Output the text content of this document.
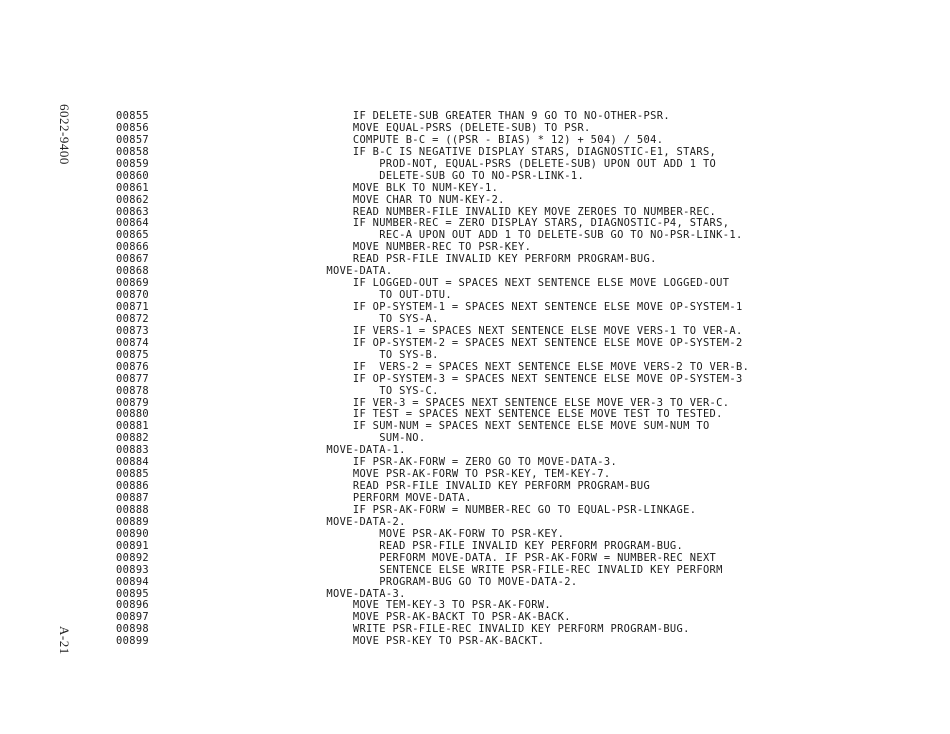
6022-9400
A-21
00855	IF DELETE-SUB GREATER THAN 9 GO TO NO-OTHER-PSR.
00856	MOVE EQUAL-PSRS (DELETE-SUB) TO PSR.
00857	COMPUTE B-C = ((PSR - BIAS) * 12) + 504) / 504.
00858	IF B-C IS NEGATIVE DISPLAY STARS, DIAGNOSTIC-E1, STARS,
00859	PROD-NOT, EQUAL-PSRS (DELETE-SUB) UPON OUT ADD 1 TO
00860	DELETE-SUB GO TO NO-PSR-LINK-1.
00861	MOVE BLK TO NUM-KEY-1.
00862	MOVE CHAR TO NUM-KEY-2.
00863	READ NUMBER-FILE INVALID KEY MOVE ZEROES TO NUMBER-REC.
00864	IF NUMBER-REC = ZERO DISPLAY STARS, DIAGNOSTIC-P4, STARS,
00865	REC-A UPON OUT ADD 1 TO DELETE-SUB GO TO NO-PSR-LINK-1.
00866	MOVE NUMBER-REC TO PSR-KEY.
00867	READ PSR-FILE INVALID KEY PERFORM PROGRAM-BUG.
00868	MOVE-DATA.
00869	IF LOGGED-OUT = SPACES NEXT SENTENCE ELSE MOVE LOGGED-OUT
00870	TO OUT-DTU.
00871	IF OP-SYSTEM-1 = SPACES NEXT SENTENCE ELSE MOVE OP-SYSTEM-1
00872	TO SYS-A.
00873	IF VERS-1 = SPACES NEXT SENTENCE ELSE MOVE VERS-1 TO VER-A.
00874	IF OP-SYSTEM-2 = SPACES NEXT SENTENCE ELSE MOVE OP-SYSTEM-2
00875	TO SYS-B.
00876	IF  VERS-2 = SPACES NEXT SENTENCE ELSE MOVE VERS-2 TO VER-B.
00877	IF OP-SYSTEM-3 = SPACES NEXT SENTENCE ELSE MOVE OP-SYSTEM-3
00878	TO SYS-C.
00879	IF VER-3 = SPACES NEXT SENTENCE ELSE MOVE VER-3 TO VER-C.
00880	IF TEST = SPACES NEXT SENTENCE ELSE MOVE TEST TO TESTED.
00881	IF SUM-NUM = SPACES NEXT SENTENCE ELSE MOVE SUM-NUM TO
00882	SUM-NO.
00883	MOVE-DATA-1.
00884	IF PSR-AK-FORW = ZERO GO TO MOVE-DATA-3.
00885	MOVE PSR-AK-FORW TO PSR-KEY, TEM-KEY-7.
00886	READ PSR-FILE INVALID KEY PERFORM PROGRAM-BUG
00887	PERFORM MOVE-DATA.
00888	IF PSR-AK-FORW = NUMBER-REC GO TO EQUAL-PSR-LINKAGE.
00889	MOVE-DATA-2.
00890	MOVE PSR-AK-FORW TO PSR-KEY.
00891	READ PSR-FILE INVALID KEY PERFORM PROGRAM-BUG.
00892	PERFORM MOVE-DATA. IF PSR-AK-FORW = NUMBER-REC NEXT
00893	SENTENCE ELSE WRITE PSR-FILE-REC INVALID KEY PERFORM
00894	PROGRAM-BUG GO TO MOVE-DATA-2.
00895	MOVE-DATA-3.
00896	MOVE TEM-KEY-3 TO PSR-AK-FORW.
00897	MOVE PSR-AK-BACKT TO PSR-AK-BACK.
00898	WRITE PSR-FILE-REC INVALID KEY PERFORM PROGRAM-BUG.
00899	MOVE PSR-KEY TO PSR-AK-BACKT.
